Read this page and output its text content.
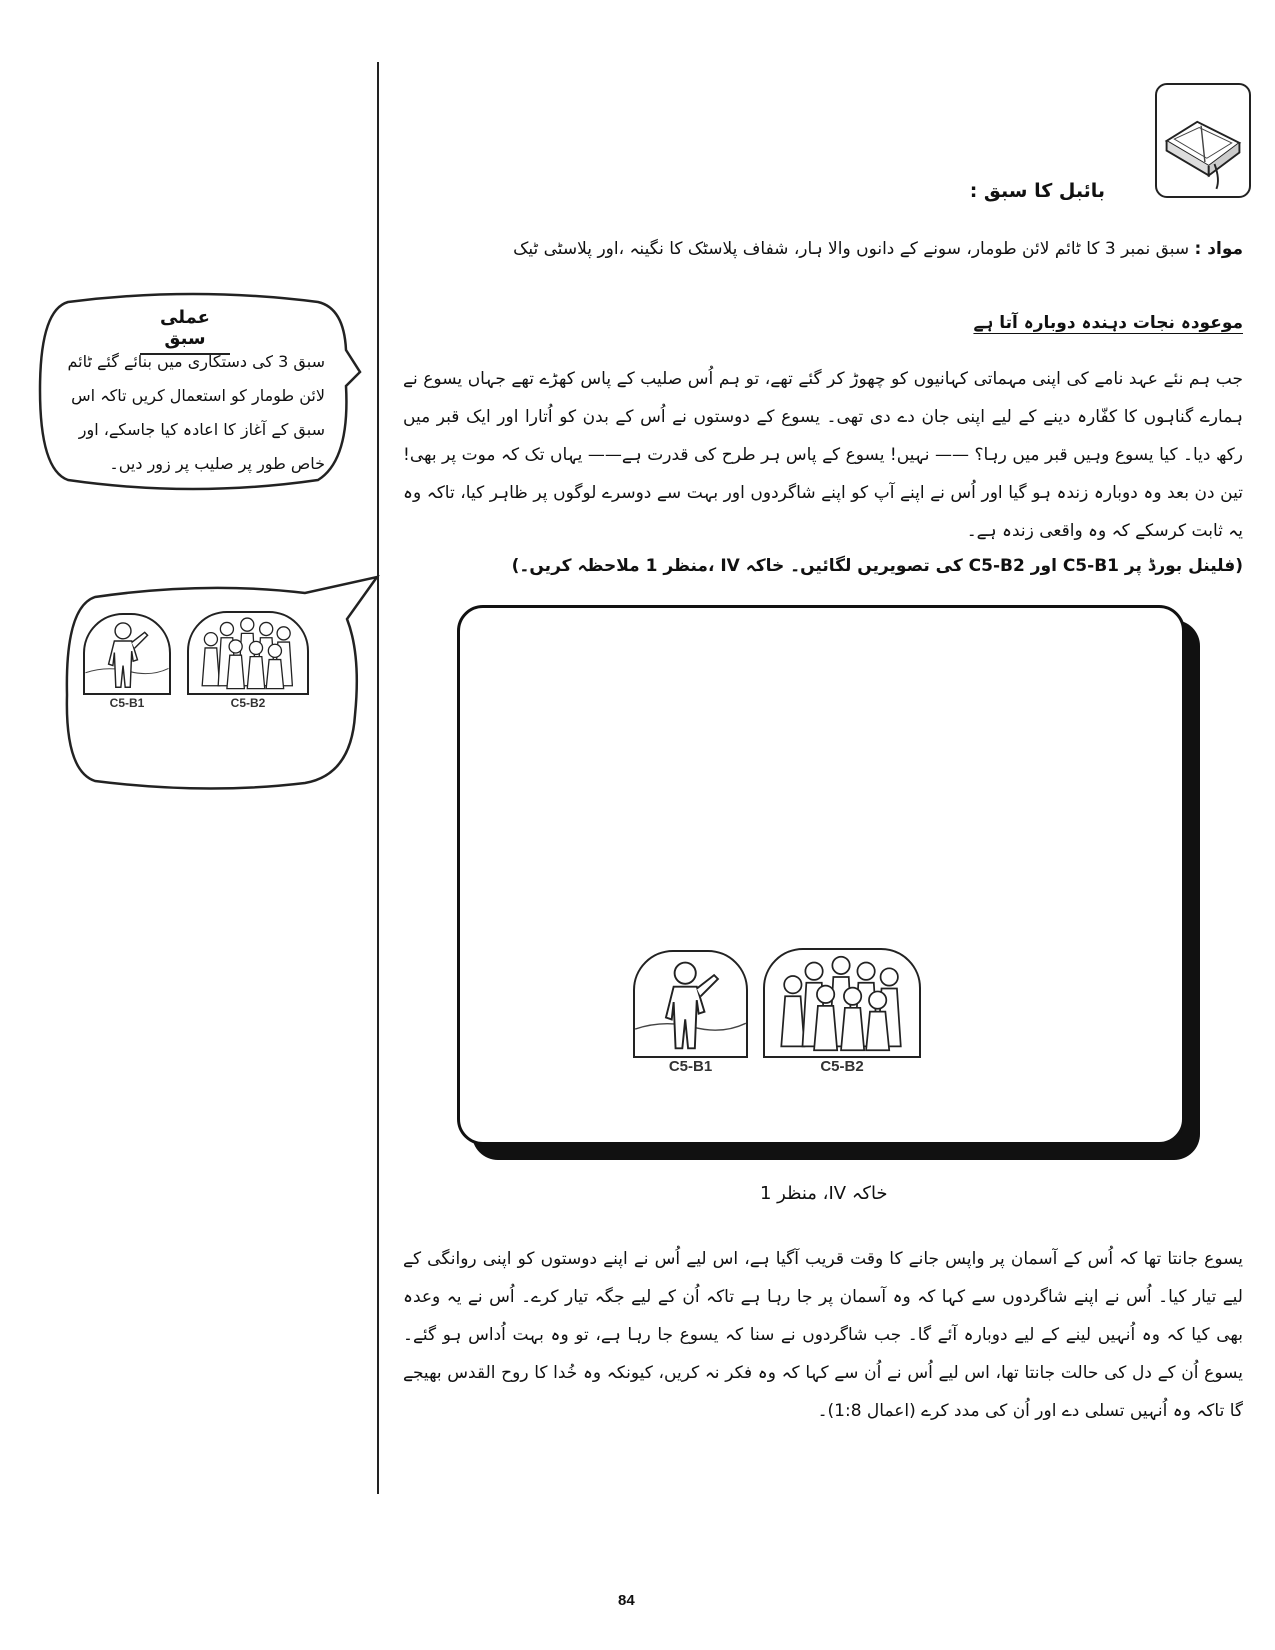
بائبل کا سبق :
مواد : سبق نمبر 3 کا ٹائم لائن طومار، سونے کے دانوں والا ہار، شفاف پلاسٹک کا نگینہ ،اور پلاسٹی ٹیک
موعودہ نجات دہندہ دوبارہ آتا ہے
جب ہم نئے عہد نامے کی اپنی مہماتی کہانیوں کو چھوڑ کر گئے تھے، تو ہم اُس صلیب کے پاس کھڑے تھے جہاں یسوع نے ہمارے گناہوں کا کفّارہ دینے کے لیے اپنی جان دے دی تھی۔ یسوع کے دوستوں نے اُس کے بدن کو اُتارا اور ایک قبر میں رکھ دیا۔ کیا یسوع وہیں قبر میں رہا؟ —— نہیں! یسوع کے پاس ہر طرح کی قدرت ہے—— یہاں تک کہ موت پر بھی! تین دن بعد وہ دوبارہ زندہ ہو گیا اور اُس نے اپنے آپ کو اپنے شاگردوں اور بہت سے دوسرے لوگوں پر ظاہر کیا، تاکہ وہ یہ ثابت کرسکے کہ وہ واقعی زندہ ہے۔
(فلینل بورڈ پر C5-B1 اور C5-B2 کی تصویریں لگائیں۔ خاکہ IV ،منظر 1 ملاحظہ کریں۔)
C5-B1	C5-B2
خاکہ IV، منظر 1
یسوع جانتا تھا کہ اُس کے آسمان پر واپس جانے کا وقت قریب آگیا ہے، اس لیے اُس نے اپنے دوستوں کو اپنی روانگی کے لیے تیار کیا۔ اُس نے اپنے شاگردوں سے کہا کہ وہ آسمان پر جا رہا ہے تاکہ اُن کے لیے جگہ تیار کرے۔ اُس نے یہ وعدہ بھی کیا کہ وہ اُنہیں لینے کے لیے دوبارہ آئے گا۔ جب شاگردوں نے سنا کہ یسوع جا رہا ہے، تو وہ بہت اُداس ہو گئے۔ یسوع اُن کے دل کی حالت جانتا تھا، اس لیے اُس نے اُن سے کہا کہ وہ فکر نہ کریں، کیونکہ وہ خُدا کا روح القدس بھیجے گا تاکہ وہ اُنہیں تسلی دے اور اُن کی مدد کرے (اعمال 1:8)۔
عملی سبق
سبق 3 کی دستکاری میں بنائے گئے ٹائم لائن طومار کو استعمال کریں تاکہ اس سبق کے آغاز کا اعادہ کیا جاسکے، اور خاص طور پر صلیب پر زور دیں۔
C5-B1	C5-B2
84
